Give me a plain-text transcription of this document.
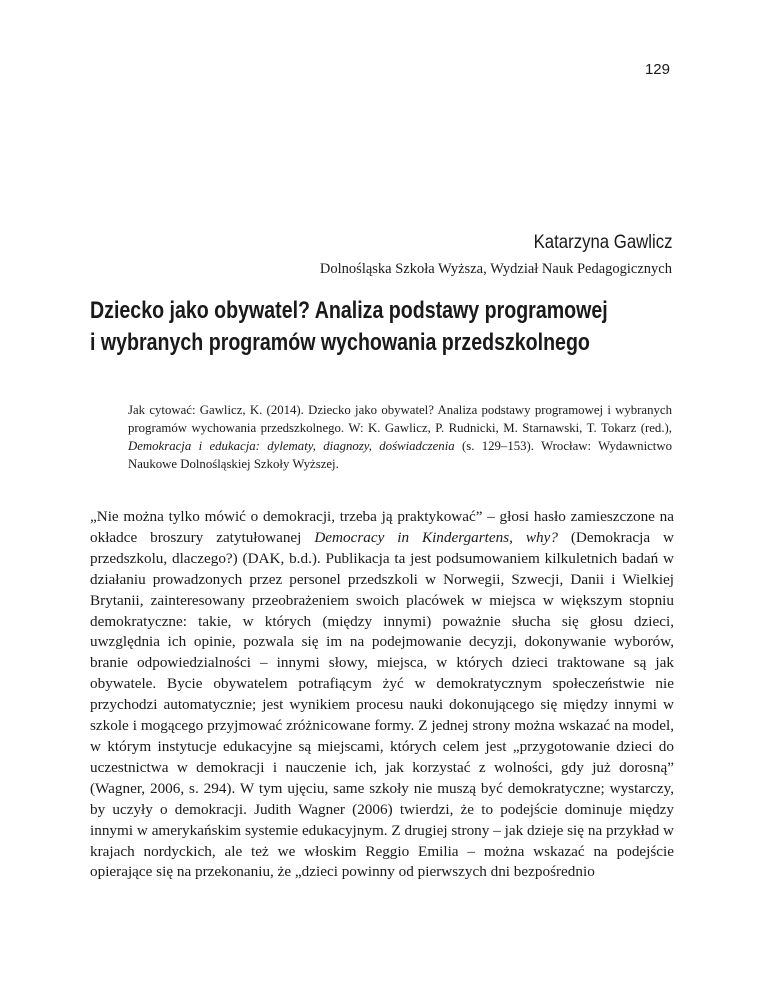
129
Katarzyna Gawlicz
Dolnośląska Szkoła Wyższa, Wydział Nauk Pedagogicznych
Dziecko jako obywatel? Analiza podstawy programowej
i wybranych programów wychowania przedszkolnego
Jak cytować: Gawlicz, K. (2014). Dziecko jako obywatel? Analiza podstawy programowej i wybranych programów wychowania przedszkolnego. W: K. Gawlicz, P. Rudnicki, M. Starnawski, T. Tokarz (red.), Demokracja i edukacja: dylematy, diagnozy, doświadczenia (s. 129–153). Wrocław: Wydawnictwo Naukowe Dolnośląskiej Szkoły Wyższej.
„Nie można tylko mówić o demokracji, trzeba ją praktykować” – głosi hasło zamieszczone na okładce broszury zatytułowanej Democracy in Kindergartens, why? (Demokracja w przedszkolu, dlaczego?) (DAK, b.d.). Publikacja ta jest podsumowaniem kilkuletnich badań w działaniu prowadzonych przez personel przedszkoli w Norwegii, Szwecji, Danii i Wielkiej Brytanii, zainteresowany przeobrażeniem swoich placówek w miejsca w większym stopniu demokratyczne: takie, w których (między innymi) poważnie słucha się głosu dzieci, uwzględnia ich opinie, pozwala się im na podejmowanie decyzji, dokonywanie wyborów, branie odpowiedzialności – innymi słowy, miejsca, w których dzieci traktowane są jak obywatele. Bycie obywatelem potrafiącym żyć w demokratycznym społeczeństwie nie przychodzi automatycznie; jest wynikiem procesu nauki dokonującego się między innymi w szkole i mogącego przyjmować zróżnicowane formy. Z jednej strony można wskazać na model, w którym instytucje edukacyjne są miejscami, których celem jest „przygotowanie dzieci do uczestnictwa w demokracji i nauczenie ich, jak korzystać z wolności, gdy już dorosną” (Wagner, 2006, s. 294). W tym ujęciu, same szkoły nie muszą być demokratyczne; wystarczy, by uczyły o demokracji. Judith Wagner (2006) twierdzi, że to podejście dominuje między innymi w amerykańskim systemie edukacyjnym. Z drugiej strony – jak dzieje się na przykład w krajach nordyckich, ale też we włoskim Reggio Emilia – można wskazać na podejście opierające się na przekonaniu, że „dzieci powinny od pierwszych dni bezpośrednio
